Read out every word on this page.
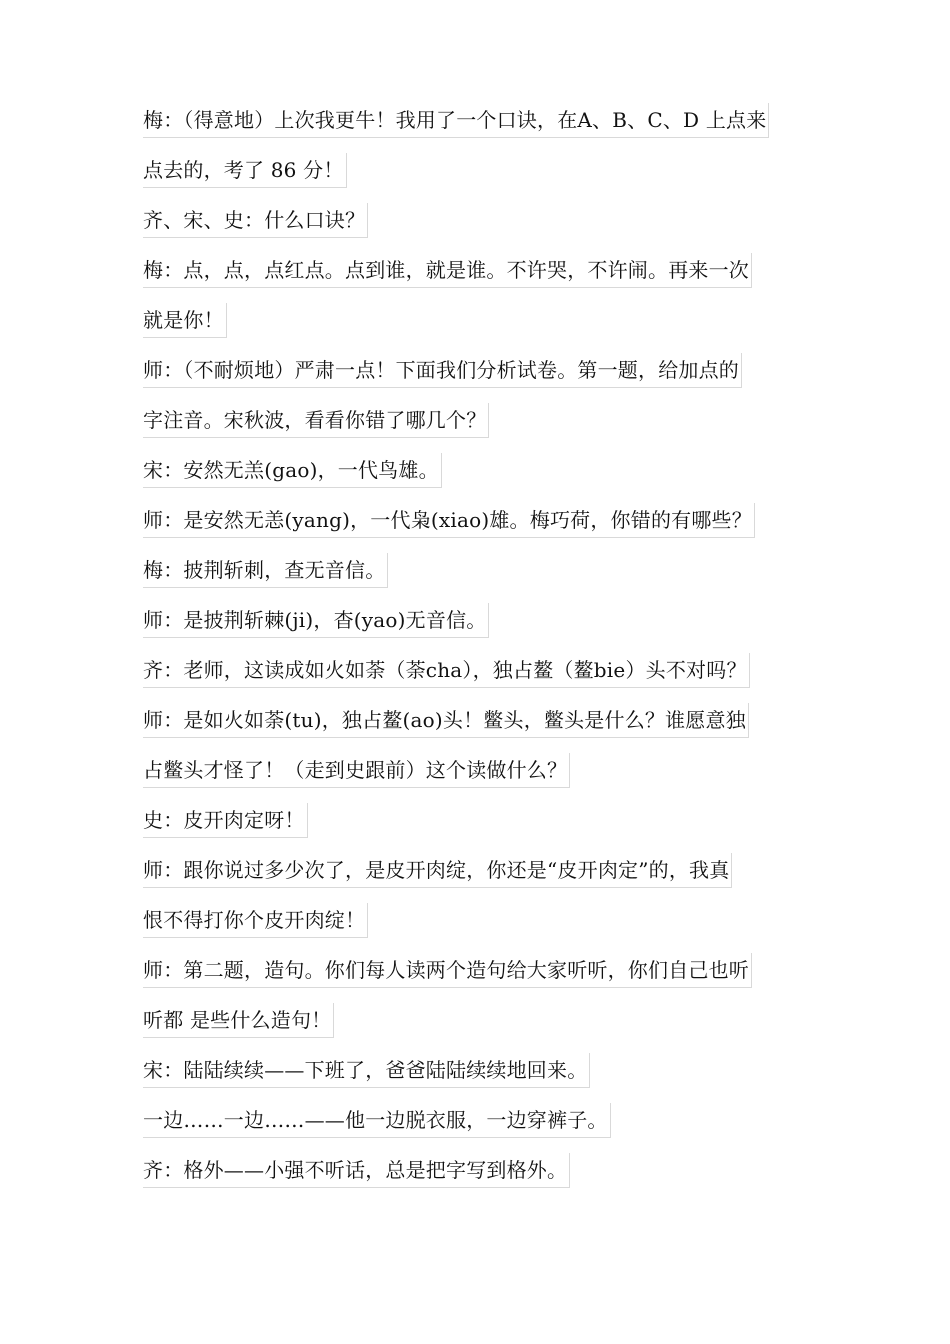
梅：（得意地）上次我更牛！我用了一个口诀，在A、B、C、D 上点来
点去的，考了 86 分！
齐、宋、史：什么口诀？
梅：点，点，点红点。点到谁，就是谁。不许哭，不许闹。再来一次
就是你！
师：（不耐烦地）严肃一点！下面我们分析试卷。第一题，给加点的
字注音。宋秋波，看看你错了哪几个？
宋：安然无羔(gao)，一代鸟雄。
师：是安然无恙(yang)，一代枭(xiao)雄。梅巧荷，你错的有哪些？
梅：披荆斩刺，查无音信。
师：是披荆斩棘(ji)，杳(yao)无音信。
齐：老师，这读成如火如荼（荼cha），独占鳌（鳌bie）头不对吗？
师：是如火如荼(tu)，独占鳌(ao)头！鳖头，鳖头是什么？谁愿意独
占鳖头才怪了！（走到史跟前）这个读做什么？
史：皮开肉定呀！
师：跟你说过多少次了，是皮开肉绽，你还是“皮开肉定”的，我真
恨不得打你个皮开肉绽！
师：第二题，造句。你们每人读两个造句给大家听听，你们自己也听
听都 是些什么造句！
宋：陆陆续续——下班了，爸爸陆陆续续地回来。
一边……一边……——他一边脱衣服，一边穿裤子。
齐：格外——小强不听话，总是把字写到格外。
